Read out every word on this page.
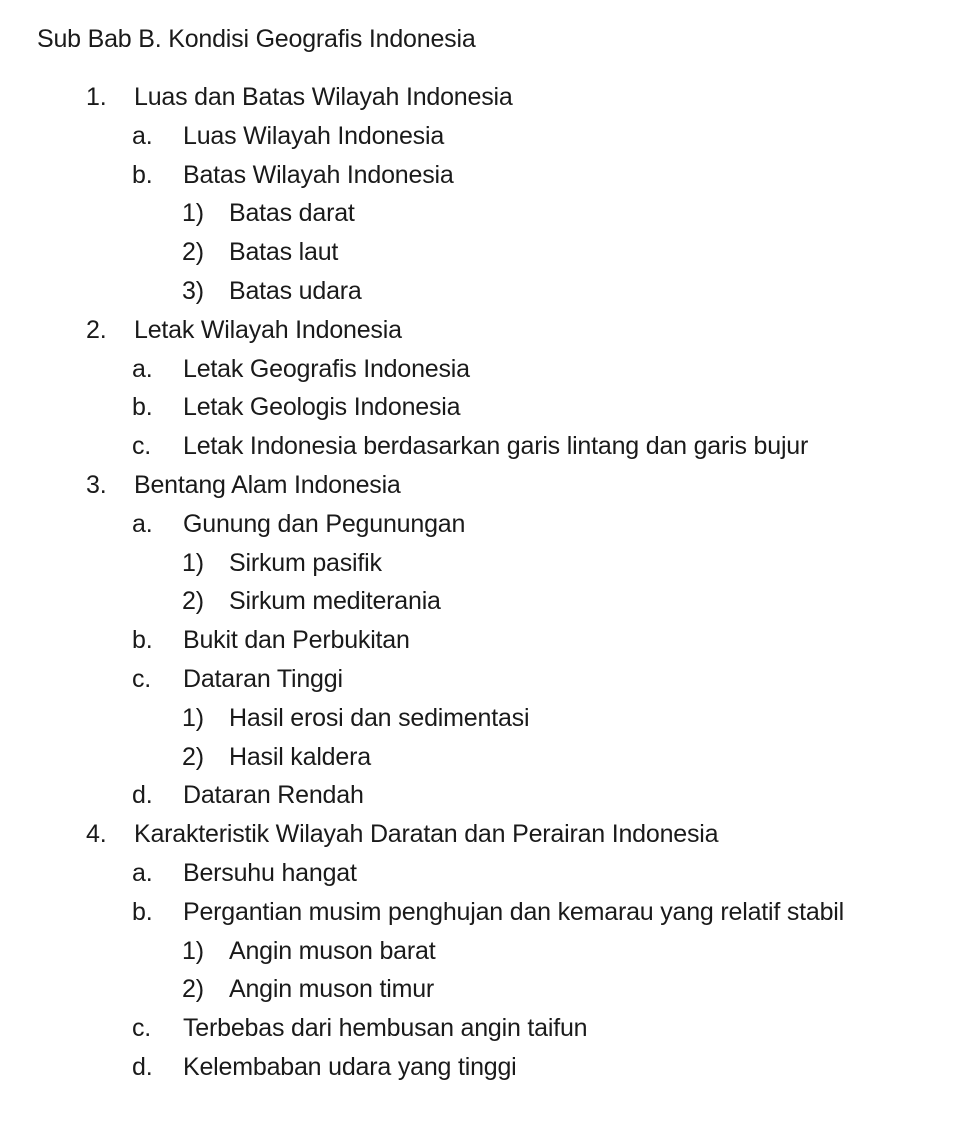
Sub Bab B. Kondisi Geografis Indonesia
1. Luas dan Batas Wilayah Indonesia
a. Luas Wilayah Indonesia
b. Batas Wilayah Indonesia
1) Batas darat
2) Batas laut
3) Batas udara
2. Letak Wilayah Indonesia
a. Letak Geografis Indonesia
b. Letak Geologis Indonesia
c. Letak Indonesia berdasarkan garis lintang dan garis bujur
3. Bentang Alam Indonesia
a. Gunung dan Pegunungan
1) Sirkum pasifik
2) Sirkum mediterania
b. Bukit dan Perbukitan
c. Dataran Tinggi
1) Hasil erosi dan sedimentasi
2) Hasil kaldera
d. Dataran Rendah
4. Karakteristik Wilayah Daratan dan Perairan Indonesia
a. Bersuhu hangat
b. Pergantian musim penghujan dan kemarau yang relatif stabil
1) Angin muson barat
2) Angin muson timur
c. Terbebas dari hembusan angin taifun
d. Kelembaban udara yang tinggi
